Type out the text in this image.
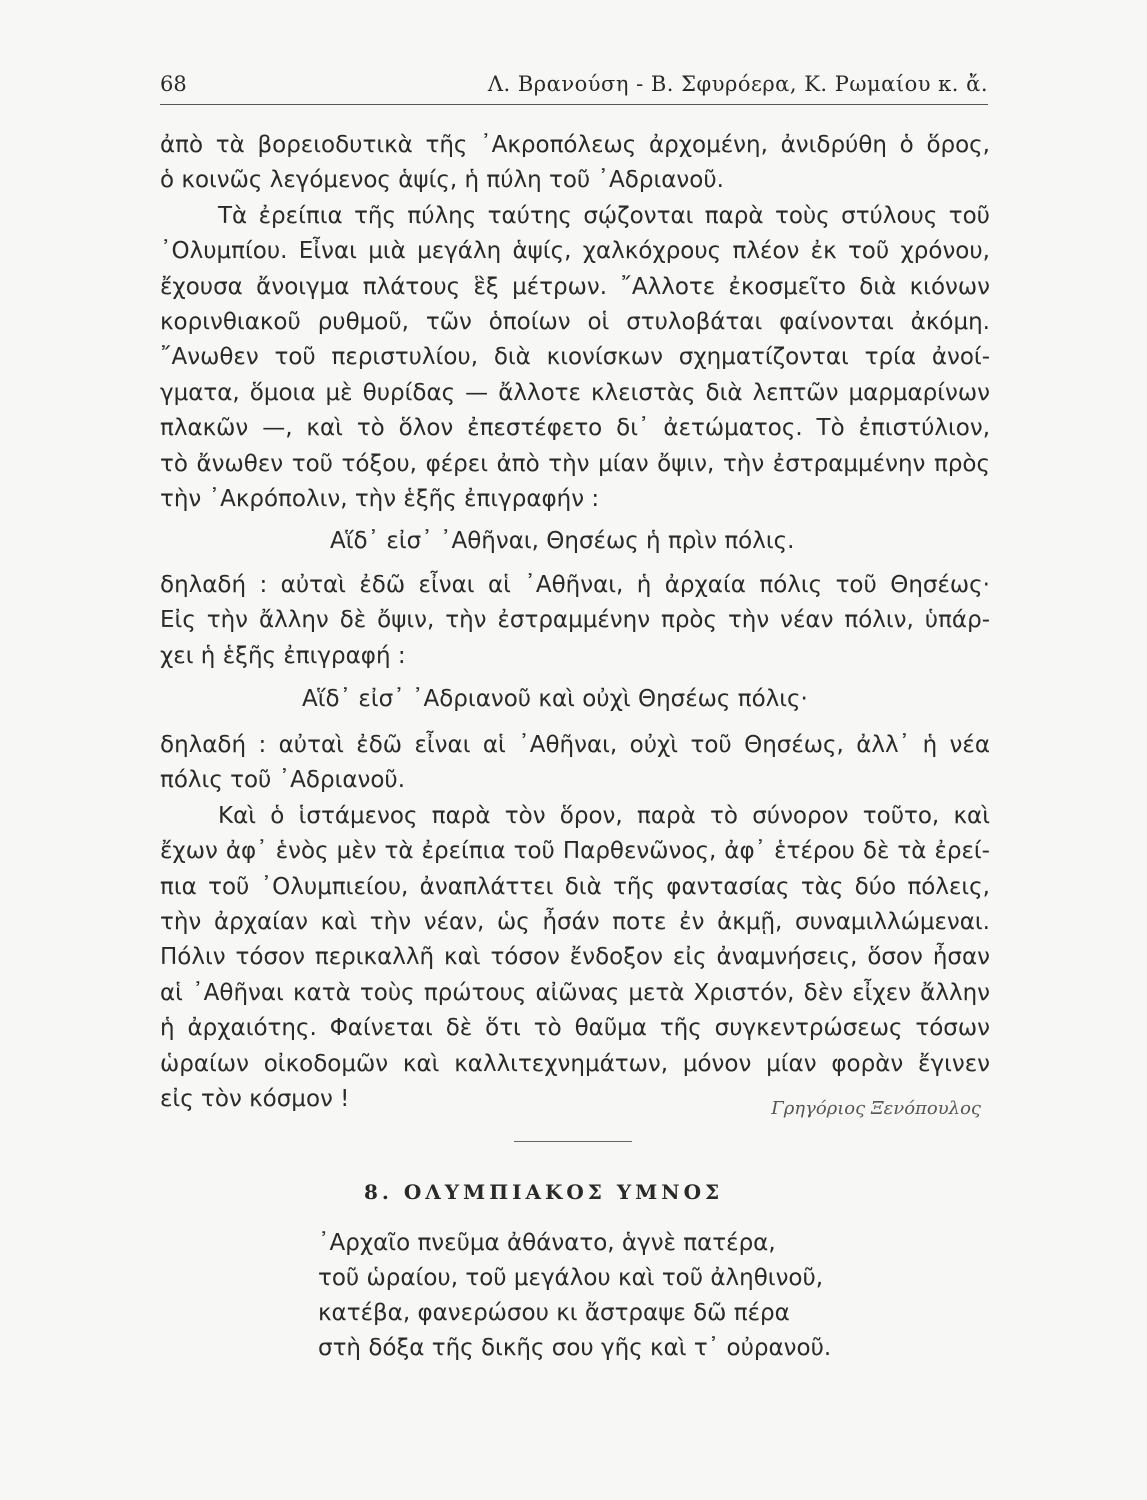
68	Λ. Βρανούση - Β. Σφυρόερα, Κ. Ρωμαίου κ. ἄ.
ἀπὸ τὰ βορειοδυτικὰ τῆς ᾿Ακροπόλεως ἀρχομένη, ἀνιδρύθη ὁ ὅρος,
ὁ κοινῶς λεγόμενος ἁψίς, ἡ πύλη τοῦ ᾿Αδριανοῦ.
Τὰ ἐρείπια τῆς πύλης ταύτης σῴζονται παρὰ τοὺς στύλους τοῦ
᾿Ολυμπίου. Εἶναι μιὰ μεγάλη ἁψίς, χαλκόχρους πλέον ἐκ τοῦ χρόνου,
ἔχουσα ἄνοιγμα πλάτους ἓξ μέτρων. ῎Αλλοτε ἐκοσμεῖτο διὰ κιόνων
κορινθιακοῦ ρυθμοῦ, τῶν ὁποίων οἱ στυλοβάται φαίνονται ἀκόμη.
῎Ανωθεν τοῦ περιστυλίου, διὰ κιονίσκων σχηματίζονται τρία ἀνοί-
γματα, ὅμοια μὲ θυρίδας — ἄλλοτε κλειστὰς διὰ λεπτῶν μαρμαρίνων
πλακῶν —, καὶ τὸ ὅλον ἐπεστέφετο δι᾿ ἀετώματος. Τὸ ἐπιστύλιον,
τὸ ἄνωθεν τοῦ τόξου, φέρει ἀπὸ τὴν μίαν ὄψιν, τὴν ἐστραμμένην πρὸς
τὴν ᾿Ακρόπολιν, τὴν ἑξῆς ἐπιγραφήν :
Αἵδ᾿ εἰσ᾿ ᾿Αθῆναι, Θησέως ἡ πρὶν πόλις.
δηλαδή : αὐταὶ ἐδῶ εἶναι αἱ ᾿Αθῆναι, ἡ ἀρχαία πόλις τοῦ Θησέως·
Εἰς τὴν ἄλλην δὲ ὄψιν, τὴν ἐστραμμένην πρὸς τὴν νέαν πόλιν, ὑπάρ-
χει ἡ ἑξῆς ἐπιγραφή :
Αἵδ᾿ εἰσ᾿ ᾿Αδριανοῦ καὶ οὐχὶ Θησέως πόλις·
δηλαδή : αὐταὶ ἐδῶ εἶναι αἱ ᾿Αθῆναι, οὐχὶ τοῦ Θησέως, ἀλλ᾿ ἡ νέα
πόλις τοῦ ᾿Αδριανοῦ.
Καὶ ὁ ἱστάμενος παρὰ τὸν ὅρον, παρὰ τὸ σύνορον τοῦτο, καὶ
ἔχων ἀφ᾿ ἑνὸς μὲν τὰ ἐρείπια τοῦ Παρθενῶνος, ἀφ᾿ ἑτέρου δὲ τὰ ἐρεί-
πια τοῦ ᾿Ολυμπιείου, ἀναπλάττει διὰ τῆς φαντασίας τὰς δύο πόλεις,
τὴν ἀρχαίαν καὶ τὴν νέαν, ὡς ἦσάν ποτε ἐν ἀκμῇ, συναμιλλώμεναι.
Πόλιν τόσον περικαλλῆ καὶ τόσον ἔνδοξον εἰς ἀναμνήσεις, ὅσον ἦσαν
αἱ ᾿Αθῆναι κατὰ τοὺς πρώτους αἰῶνας μετὰ Χριστόν, δὲν εἶχεν ἄλλην
ἡ ἀρχαιότης. Φαίνεται δὲ ὅτι τὸ θαῦμα τῆς συγκεντρώσεως τόσων
ὡραίων οἰκοδομῶν καὶ καλλιτεχνημάτων, μόνον μίαν φορὰν ἔγινεν
εἰς τὸν κόσμον !	Γρηγόριος Ξενόπουλος
8. ΟΛΥΜΠΙΑΚΟΣ ΥΜΝΟΣ
᾿Αρχαῖο πνεῦμα ἀθάνατο, ἁγνὲ πατέρα,
τοῦ ὡραίου, τοῦ μεγάλου καὶ τοῦ ἀληθινοῦ,
κατέβα, φανερώσου κι ἄστραψε δῶ πέρα
στὴ δόξα τῆς δικῆς σου γῆς καὶ τ᾿ οὐρανοῦ.
